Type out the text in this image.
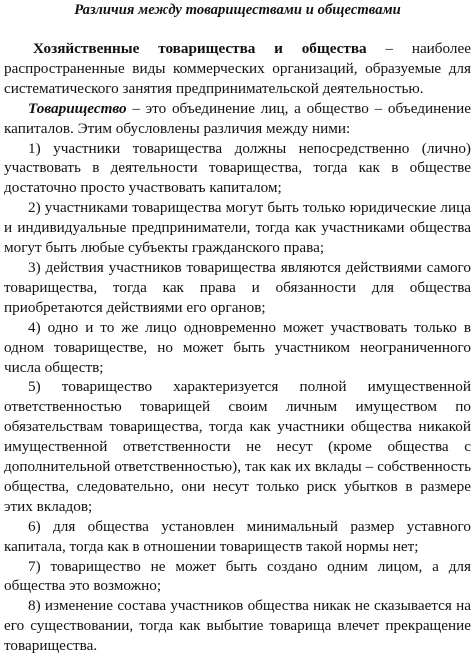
Различия между товариществами и обществами

Хозяйственные товарищества и общества – наиболее распространенные виды коммерческих организаций, образуемые для систематического занятия предпринимательской деятельностью.

Товарищество – это объединение лиц, а общество – объединение капиталов. Этим обусловлены различия между ними:

1) участники товарищества должны непосредственно (лично) участвовать в деятельности товарищества, тогда как в обществе достаточно просто участвовать капиталом;

2) участниками товарищества могут быть только юридические лица и индивидуальные предприниматели, тогда как участниками общества могут быть любые субъекты гражданского права;

3) действия участников товарищества являются действиями самого товарищества, тогда как права и обязанности для общества приобретаются действиями его органов;

4) одно и то же лицо одновременно может участвовать только в одном товариществе, но может быть участником неограниченного числа обществ;

5) товарищество характеризуется полной имущественной ответственностью товарищей своим личным имуществом по обязательствам товарищества, тогда как участники общества никакой имущественной ответственности не несут (кроме общества с дополнительной ответственностью), так как их вклады – собственность общества, следовательно, они несут только риск убытков в размере этих вкладов;

6) для общества установлен минимальный размер уставного капитала, тогда как в отношении товариществ такой нормы нет;

7) товарищество не может быть создано одним лицом, а для общества это возможно;

8) изменение состава участников общества никак не сказывается на его существовании, тогда как выбытие товарища влечет прекращение товарищества.
